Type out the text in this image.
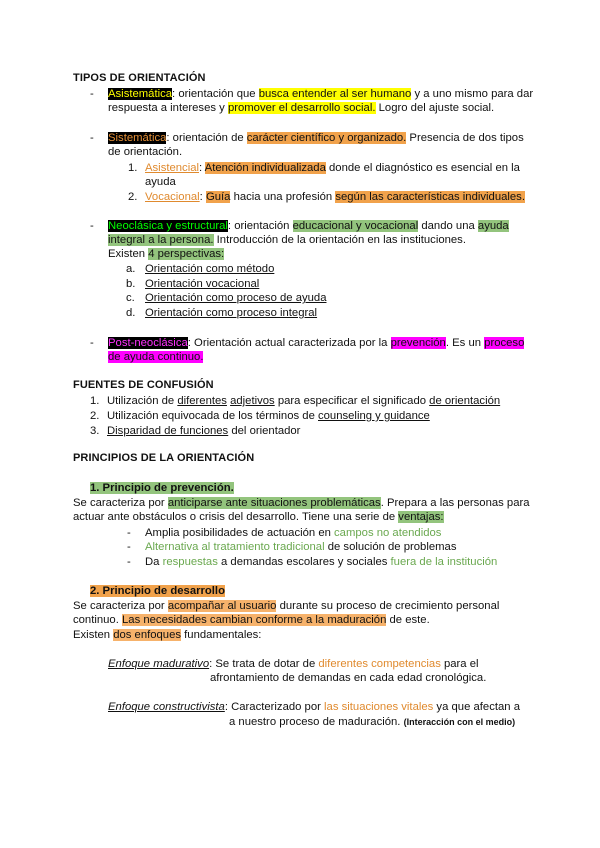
TIPOS DE ORIENTACIÓN
- Asistemática: orientación que busca entender al ser humano y a uno mismo para dar
respuesta a intereses y promover el desarrollo social. Logro del ajuste social.
- Sistemática: orientación de carácter científico y organizado. Presencia de dos tipos
de orientación.
1. Asistencial: Atención individualizada donde el diagnóstico es esencial en la
ayuda
2. Vocacional: Guía hacia una profesión según las características individuales.
- Neoclásica y estructural: orientación educacional y vocacional dando una ayuda
integral a la persona. Introducción de la orientación en las instituciones.
Existen 4 perspectivas:
a. Orientación como método
b. Orientación vocacional
c. Orientación como proceso de ayuda
d. Orientación como proceso integral
- Post-neoclásica: Orientación actual caracterizada por la prevención. Es un proceso
de ayuda continuo.
FUENTES DE CONFUSIÓN
1. Utilización de diferentes adjetivos para especificar el significado de orientación
2. Utilización equivocada de los términos de counseling y guidance
3. Disparidad de funciones del orientador
PRINCIPIOS DE LA ORIENTACIÓN
1. Principio de prevención.
Se caracteriza por anticiparse ante situaciones problemáticas. Prepara a las personas para
actuar ante obstáculos o crisis del desarrollo. Tiene una serie de ventajas:
- Amplia posibilidades de actuación en campos no atendidos
- Alternativa al tratamiento tradicional de solución de problemas
- Da respuestas a demandas escolares y sociales fuera de la institución
2. Principio de desarrollo
Se caracteriza por acompañar al usuario durante su proceso de crecimiento personal
continuo. Las necesidades cambian conforme a la maduración de este.
Existen dos enfoques fundamentales:
Enfoque madurativo: Se trata de dotar de diferentes competencias para el
afrontamiento de demandas en cada edad cronológica.
Enfoque constructivista: Caracterizado por las situaciones vitales ya que afectan a
a nuestro proceso de maduración. (Interacción con el medio)
